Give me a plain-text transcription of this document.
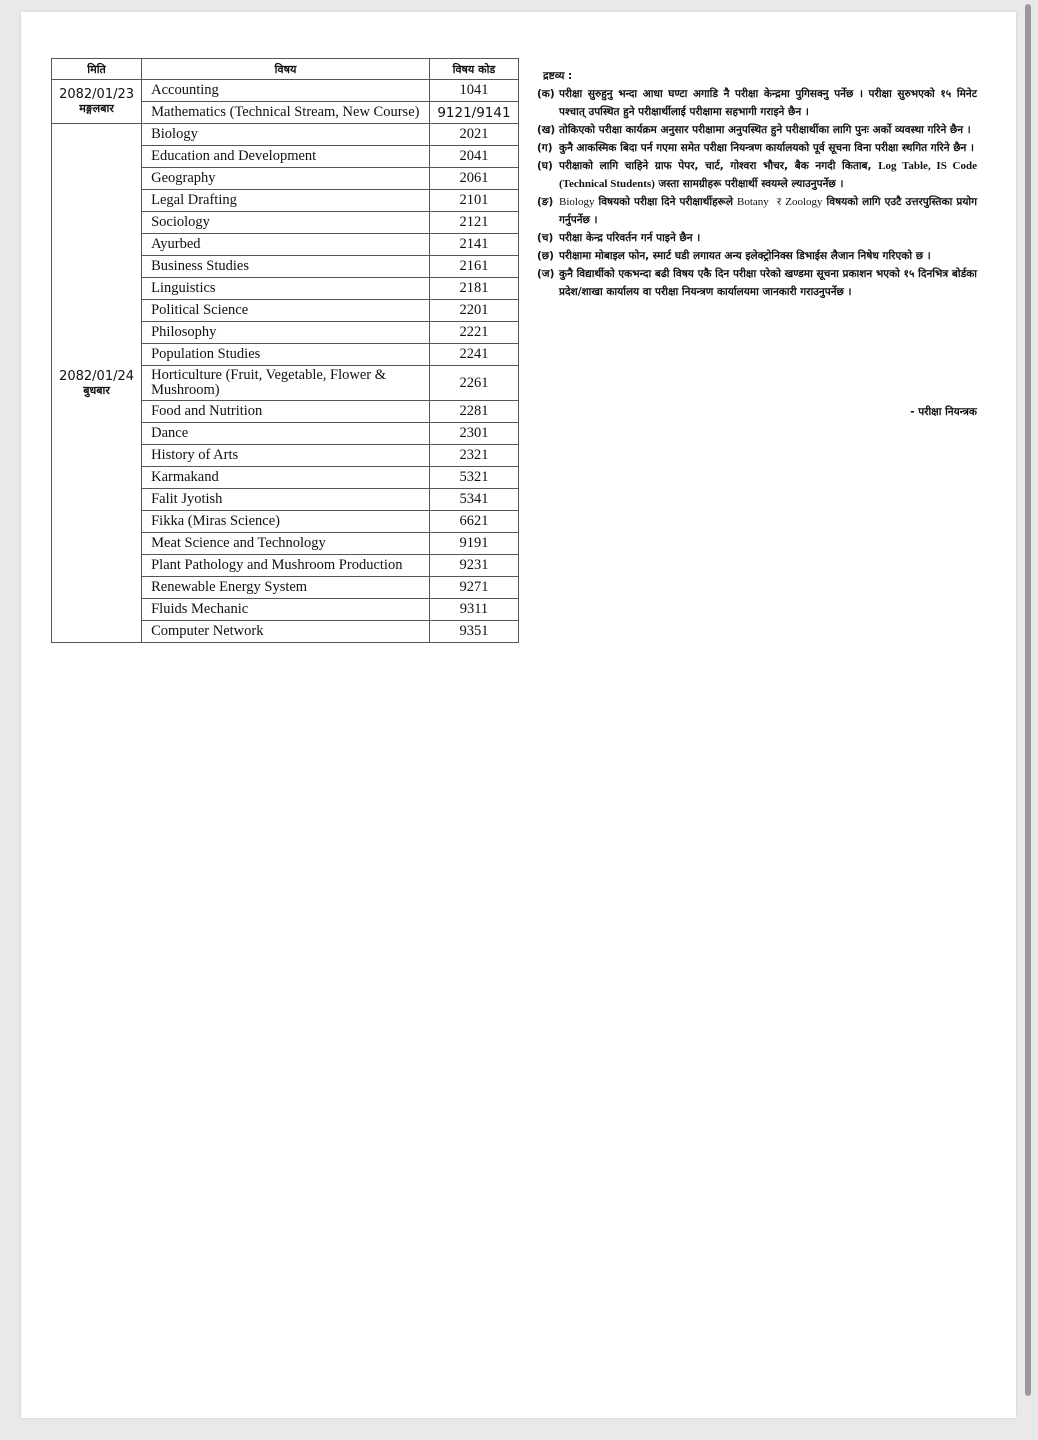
मिति	विषय	विषय कोड

2082/01/23
मङ्गलबार	Accounting	1041
	Mathematics (Technical Stream, New Course)	9121/9141

2082/01/24
बुधबार	Biology	2021
	Education and Development	2041
	Geography	2061
	Legal Drafting	2101
	Sociology	2121
	Ayurbed	2141
	Business Studies	2161
	Linguistics	2181
	Political Science	2201
	Philosophy	2221
	Population Studies	2241
	Horticulture (Fruit, Vegetable, Flower & Mushroom)	2261
	Food and Nutrition	2281
	Dance	2301
	History of Arts	2321
	Karmakand	5321
	Falit Jyotish	5341
	Fikka (Miras Science)	6621
	Meat Science and Technology	9191
	Plant Pathology and Mushroom Production	9231
	Renewable Energy System	9271
	Fluids Mechanic	9311
	Computer Network	9351
द्रष्टव्य :
(क) परीक्षा सुरुहुनु भन्दा आधा घण्टा अगाडि नै परीक्षा केन्द्रमा पुगिसक्नु पर्नेछ । परीक्षा सुरुभएको १५ मिनेट पश्चात् उपस्थित हुने परीक्षार्थीलाई परीक्षामा सहभागी गराइने छैन ।
(ख) तोकिएको परीक्षा कार्यक्रम अनुसार परीक्षामा अनुपस्थित हुने परीक्षार्थीका लागि पुनः अर्को व्यवस्था गरिने छैन ।
(ग) कुनै आकस्मिक बिदा पर्न गएमा समेत परीक्षा नियन्त्रण कार्यालयको पूर्व सूचना विना परीक्षा स्थगित गरिने छैन ।
(घ) परीक्षाको लागि चाहिने ग्राफ पेपर, चार्ट, गोश्वरा भौचर, बैक नगदी किताब, Log Table, IS Code (Technical Students) जस्ता सामग्रीहरू परीक्षार्थी स्वयम्ले ल्याउनुपर्नेछ ।
(ङ) Biology विषयको परीक्षा दिने परीक्षार्थीहरूले Botany र Zoology विषयको लागि एउटै उत्तरपुस्तिका प्रयोग गर्नुपर्नेछ ।
(च) परीक्षा केन्द्र परिवर्तन गर्न पाइने छैन ।
(छ) परीक्षामा मोबाइल फोन, स्मार्ट घडी लगायत अन्य इलेक्ट्रोनिक्स डिभाईस लैजान निषेध गरिएको छ ।
(ज) कुनै विद्यार्थीको एकभन्दा बढी विषय एकै दिन परीक्षा परेको खण्डमा सूचना प्रकाशन भएको १५ दिनभित्र बोर्डका प्रदेश/शाखा कार्यालय वा परीक्षा नियन्त्रण कार्यालयमा जानकारी गराउनुपर्नेछ ।
- परीक्षा नियन्त्रक
